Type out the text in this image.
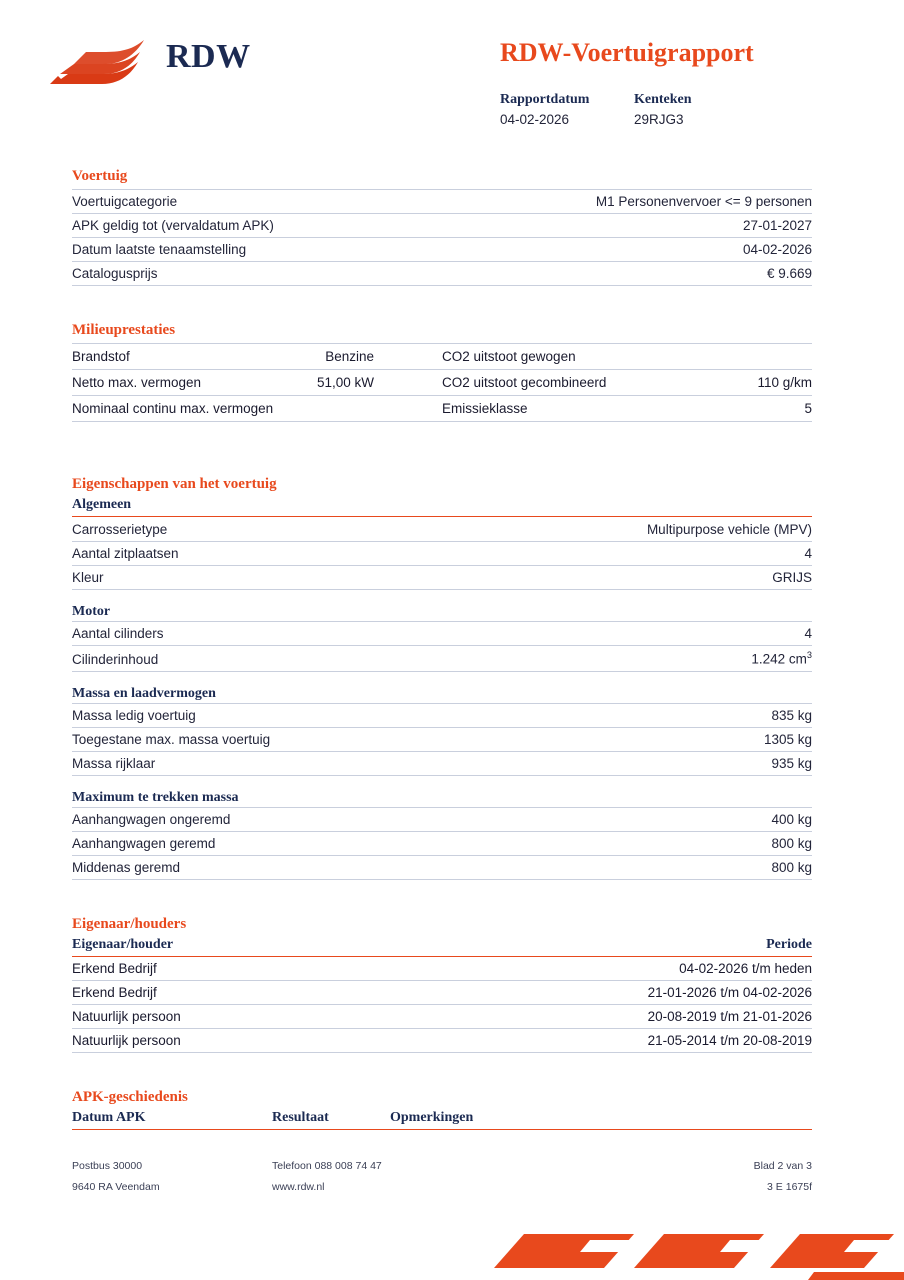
RDW	RDW-Voertuigrapport
Rapportdatum
04-02-2026
Kenteken
29RJG3
Voertuig
Voertuigcategorie	M1 Personenvervoer <= 9 personen
APK geldig tot (vervaldatum APK)	27-01-2027
Datum laatste tenaamstelling	04-02-2026
Catalogusprijs	€ 9.669
Milieuprestaties
Brandstof	Benzine	CO2 uitstoot gewogen	
Netto max. vermogen	51,00 kW	CO2 uitstoot gecombineerd	110 g/km
Nominaal continu max. vermogen		Emissieklasse	5
Eigenschappen van het voertuig
Algemeen
Carrosserietype	Multipurpose vehicle (MPV)
Aantal zitplaatsen	4
Kleur	GRIJS
Motor
Aantal cilinders	4
Cilinderinhoud	1.242 $cm^3$
Massa en laadvermogen
Massa ledig voertuig	835 kg
Toegestane max. massa voertuig	1305 kg
Massa rijklaar	935 kg
Maximum te trekken massa
Aanhangwagen ongeremd	400 kg
Aanhangwagen geremd	800 kg
Middenas geremd	800 kg
Eigenaar/houders
Eigenaar/houder	Periode
Erkend Bedrijf	04-02-2026 t/m heden
Erkend Bedrijf	21-01-2026 t/m 04-02-2026
Natuurlijk persoon	20-08-2019 t/m 21-01-2026
Natuurlijk persoon	21-05-2014 t/m 20-08-2019
APK-geschiedenis
Datum APK	Resultaat	Opmerkingen
Postbus 30000	Telefoon 088 008 74 47	Blad 2 van 3
9640 RA Veendam	www.rdw.nl	3 E 1675f
